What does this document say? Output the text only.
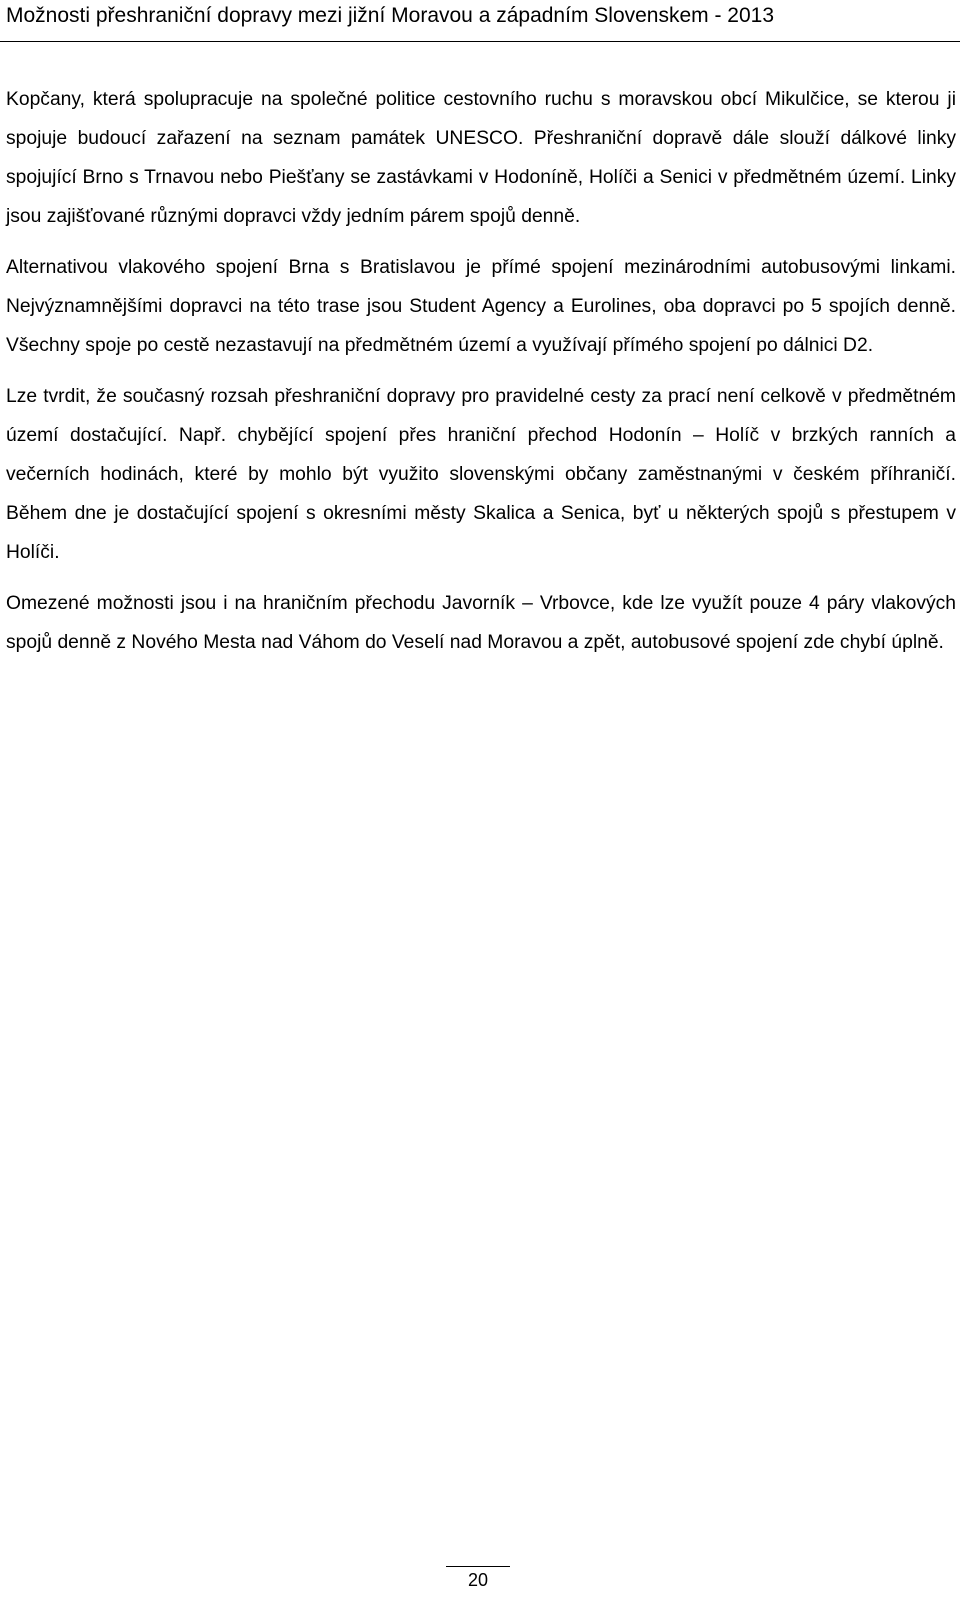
Možnosti přeshraniční dopravy mezi jižní Moravou a západním Slovenskem - 2013

Kopčany, která spolupracuje na společné politice cestovního ruchu s moravskou obcí Mikulčice, se kterou ji spojuje budoucí zařazení na seznam památek UNESCO. Přeshraniční dopravě dále slouží dálkové linky spojující Brno s Trnavou nebo Piešťany se zastávkami v Hodoníně, Holíči a Senici v předmětném území. Linky jsou zajišťované různými dopravci vždy jedním párem spojů denně.

Alternativou vlakového spojení Brna s Bratislavou je přímé spojení mezinárodními autobusovými linkami. Nejvýznamnějšími dopravci na této trase jsou Student Agency a Eurolines, oba dopravci po 5 spojích denně. Všechny spoje po cestě nezastavují na předmětném území a využívají přímého spojení po dálnici D2.

Lze tvrdit, že současný rozsah přeshraniční dopravy pro pravidelné cesty za prací není celkově v předmětném území dostačující. Např. chybějící spojení přes hraniční přechod Hodonín – Holíč v brzkých ranních a večerních hodinách, které by mohlo být využito slovenskými občany zaměstnanými v českém příhraničí. Během dne je dostačující spojení s okresními městy Skalica a Senica, byť u některých spojů s přestupem v Holíči.

Omezené možnosti jsou i na hraničním přechodu Javorník – Vrbovce, kde lze využít pouze 4 páry vlakových spojů denně z Nového Mesta nad Váhom do Veselí nad Moravou a zpět, autobusové spojení zde chybí úplně.

20
